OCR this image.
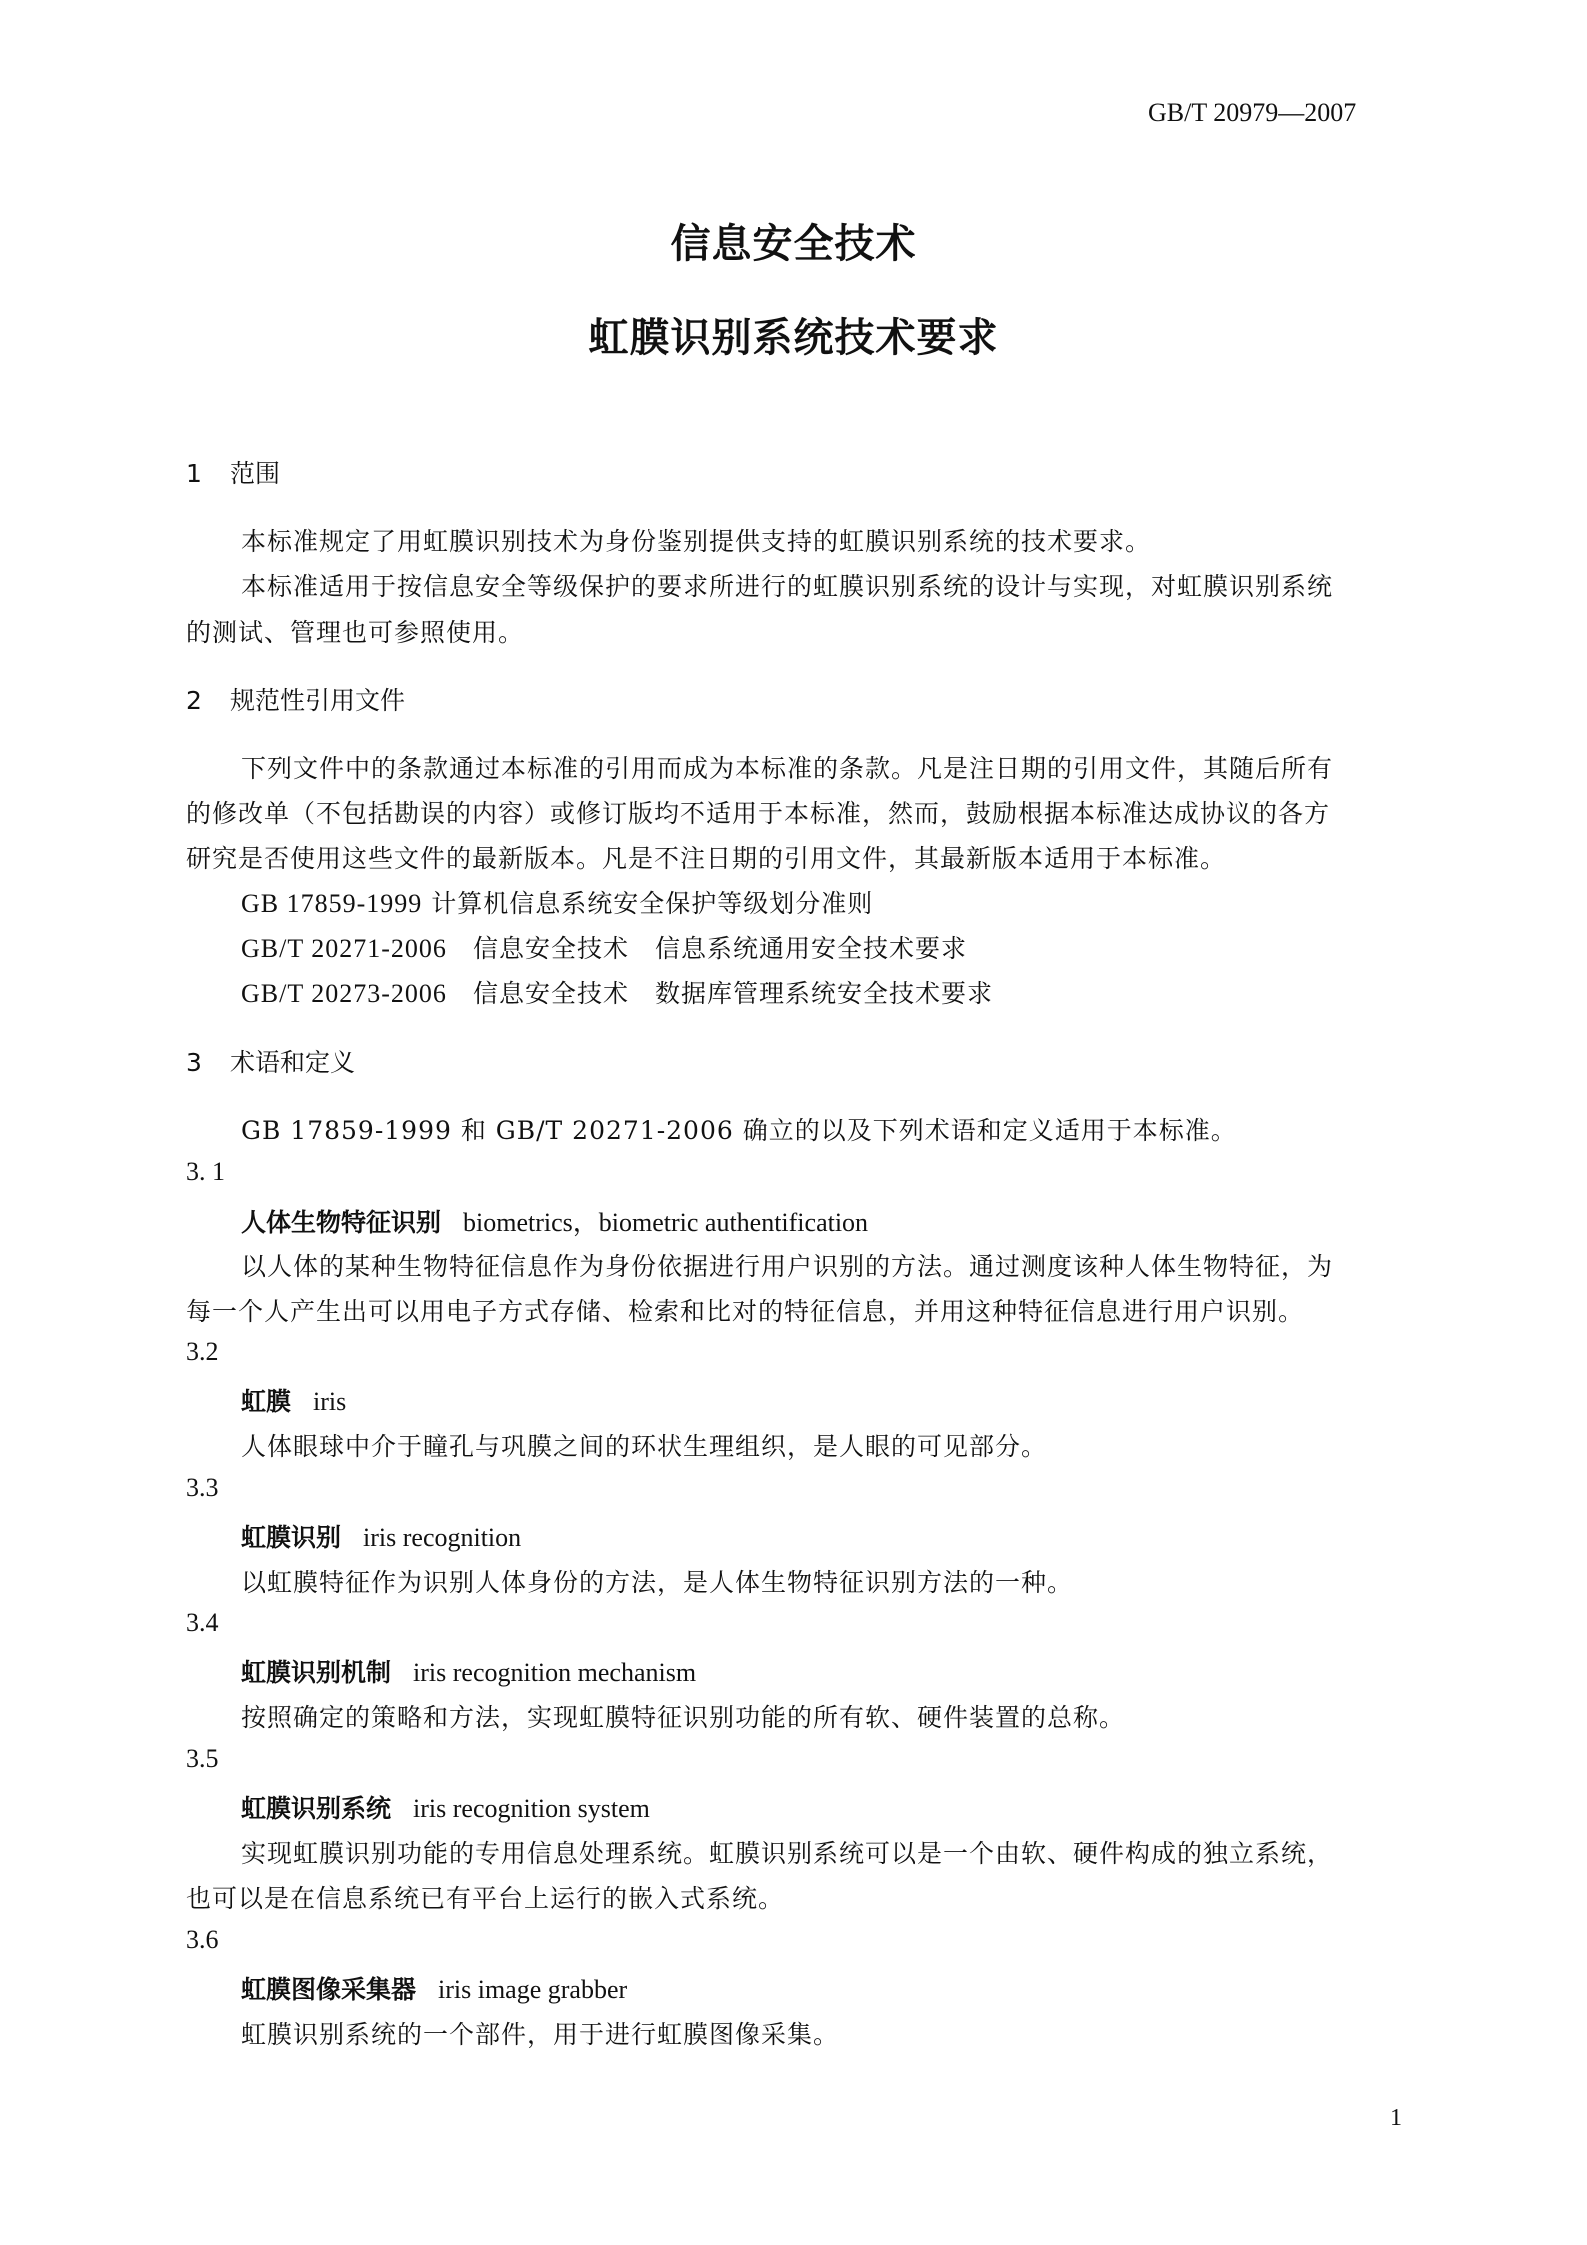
GB/T 20979—2007
信息安全技术
虹膜识别系统技术要求
1 范围
本标准规定了用虹膜识别技术为身份鉴别提供支持的虹膜识别系统的技术要求。
本标准适用于按信息安全等级保护的要求所进行的虹膜识别系统的设计与实现，对虹膜识别系统
的测试、管理也可参照使用。
2 规范性引用文件
下列文件中的条款通过本标准的引用而成为本标准的条款。凡是注日期的引用文件，其随后所有
的修改单（不包括勘误的内容）或修订版均不适用于本标准，然而，鼓励根据本标准达成协议的各方
研究是否使用这些文件的最新版本。凡是不注日期的引用文件，其最新版本适用于本标准。
GB 17859-1999 计算机信息系统安全保护等级划分准则
GB/T 20271-2006　 信息安全技术　信息系统通用安全技术要求
GB/T 20273-2006　 信息安全技术　数据库管理系统安全技术要求
3 术语和定义
GB 17859-1999 和 GB/T 20271-2006 确立的以及下列术语和定义适用于本标准。
3. 1
人体生物特征识别 biometrics，biometric authentification
以人体的某种生物特征信息作为身份依据进行用户识别的方法。通过测度该种人体生物特征，为
每一个人产生出可以用电子方式存储、检索和比对的特征信息，并用这种特征信息进行用户识别。
3.2
虹膜 iris
人体眼球中介于瞳孔与巩膜之间的环状生理组织，是人眼的可见部分。
3.3
虹膜识别 iris recognition
以虹膜特征作为识别人体身份的方法，是人体生物特征识别方法的一种。
3.4
虹膜识别机制 iris recognition mechanism
按照确定的策略和方法，实现虹膜特征识别功能的所有软、硬件装置的总称。
3.5
虹膜识别系统 iris recognition system
实现虹膜识别功能的专用信息处理系统。虹膜识别系统可以是一个由软、硬件构成的独立系统，
也可以是在信息系统已有平台上运行的嵌入式系统。
3.6
虹膜图像采集器 iris image grabber
虹膜识别系统的一个部件，用于进行虹膜图像采集。
1
